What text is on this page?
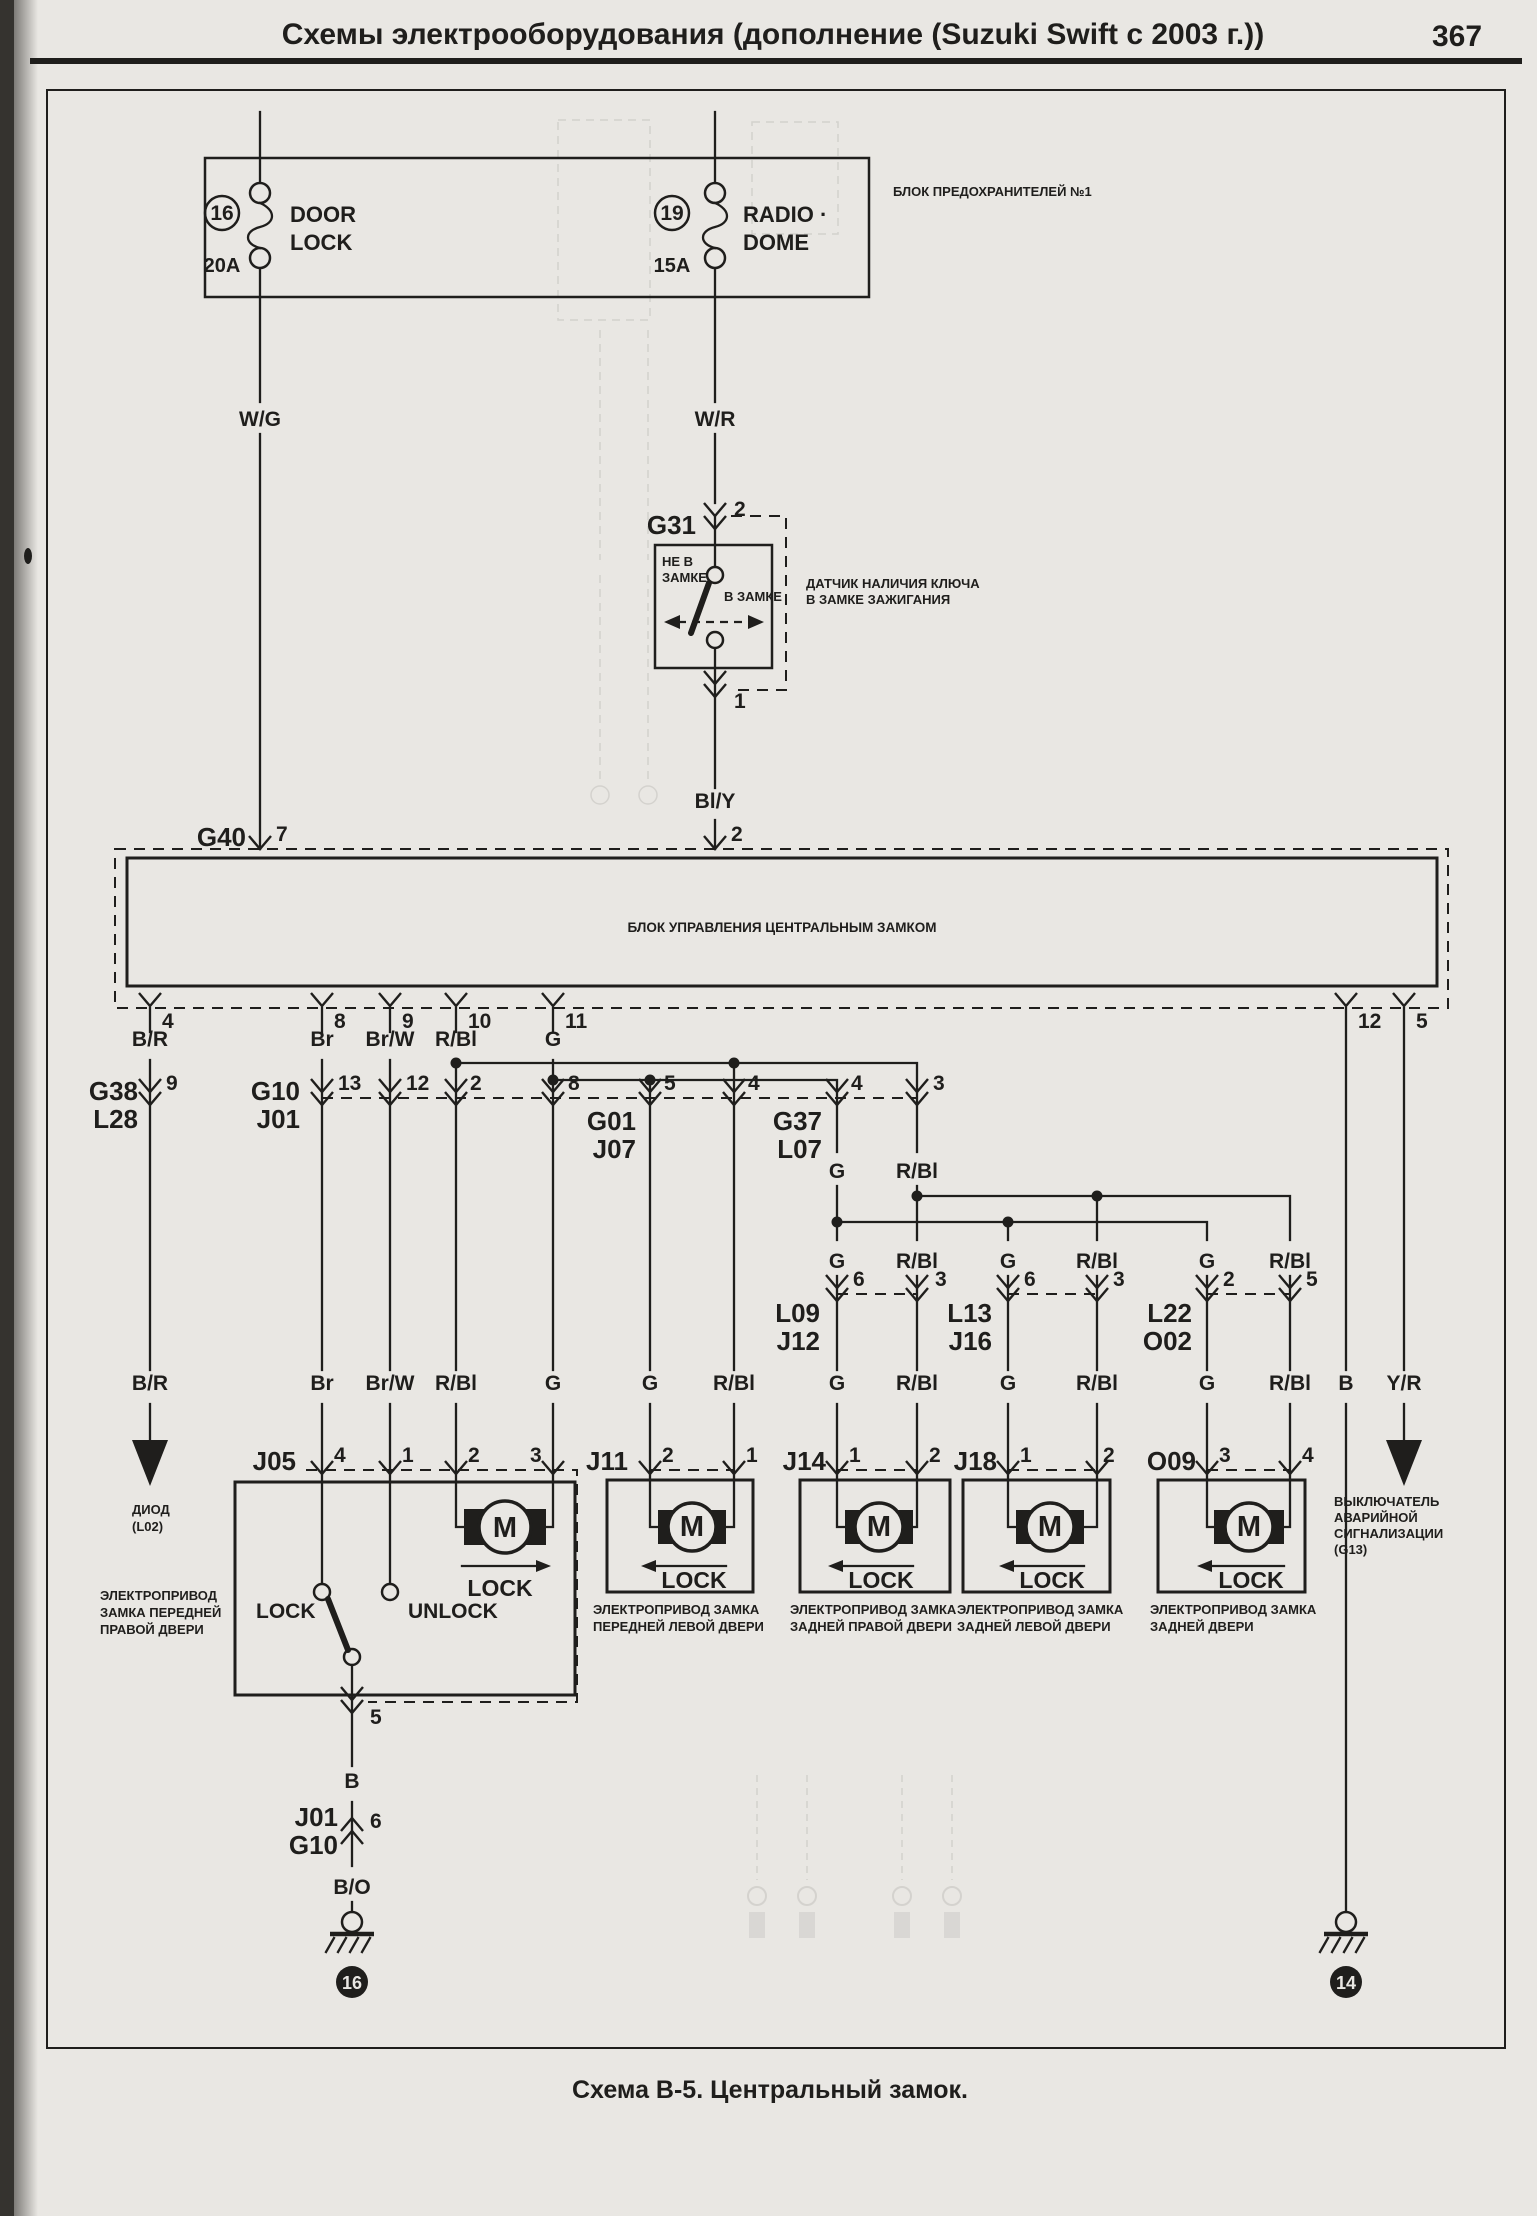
Схемы электрооборудования (дополнение (Suzuki Swift с 2003 г.))	367
16
20A
DOOR
LOCK
19
15A
RADIO ·
DOME
БЛОК ПРЕДОХРАНИТЕЛЕЙ №1
W/G	W/R
G31
2
НЕ В
ЗАМКЕ
В ЗАМКЕ
1
ДАТЧИК НАЛИЧИЯ КЛЮЧА
В ЗАМКЕ ЗАЖИГАНИЯ
Bl/Y
G40 7	2
БЛОК УПРАВЛЕНИЯ ЦЕНТРАЛЬНЫМ ЗАМКОМ
4	8	9	10	11	12 5
B/R	Br Br/W R/Bl	G
G R/Bl
G R/Bl	G	R/Bl	G	R/Bl
B/R	Br Br/W R/Bl	G	G	R/Bl	G R/Bl	G	R/Bl	G	R/Bl B Y/R
G38
L28
9	G10
J01
13 12 2	8
G01
J07
5	4
G37
L07
4	3
L09
J12
6	3
L13
J16
6	3
L22
O02
2	5
ДИОД
(L02)
ВЫКЛЮЧАТЕЛЬ
АВАРИЙНОЙ
СИГНАЛИЗАЦИИ
(G13)
J05 4	1	2 3
M
LOCK
LOCK	UNLOCK
5
ЭЛЕКТРОПРИВОД
ЗАМКА ПЕРЕДНЕЙ
ПРАВОЙ ДВЕРИ
B
J01
G10
6
B/O
J11 2	1
M
LOCK
ЭЛЕКТРОПРИВОД ЗАМКА
ПЕРЕДНЕЙ ЛЕВОЙ ДВЕРИ
J14 1	2
M
LOCK
ЭЛЕКТРОПРИВОД ЗАМКА
ЗАДНЕЙ ПРАВОЙ ДВЕРИ
J18 1	2
M
LOCK
ЭЛЕКТРОПРИВОД ЗАМКА
ЗАДНЕЙ ЛЕВОЙ ДВЕРИ
O09 3	4
M
LOCK
ЭЛЕКТРОПРИВОД ЗАМКА
ЗАДНЕЙ ДВЕРИ
16	14
Схема В-5. Центральный замок.
